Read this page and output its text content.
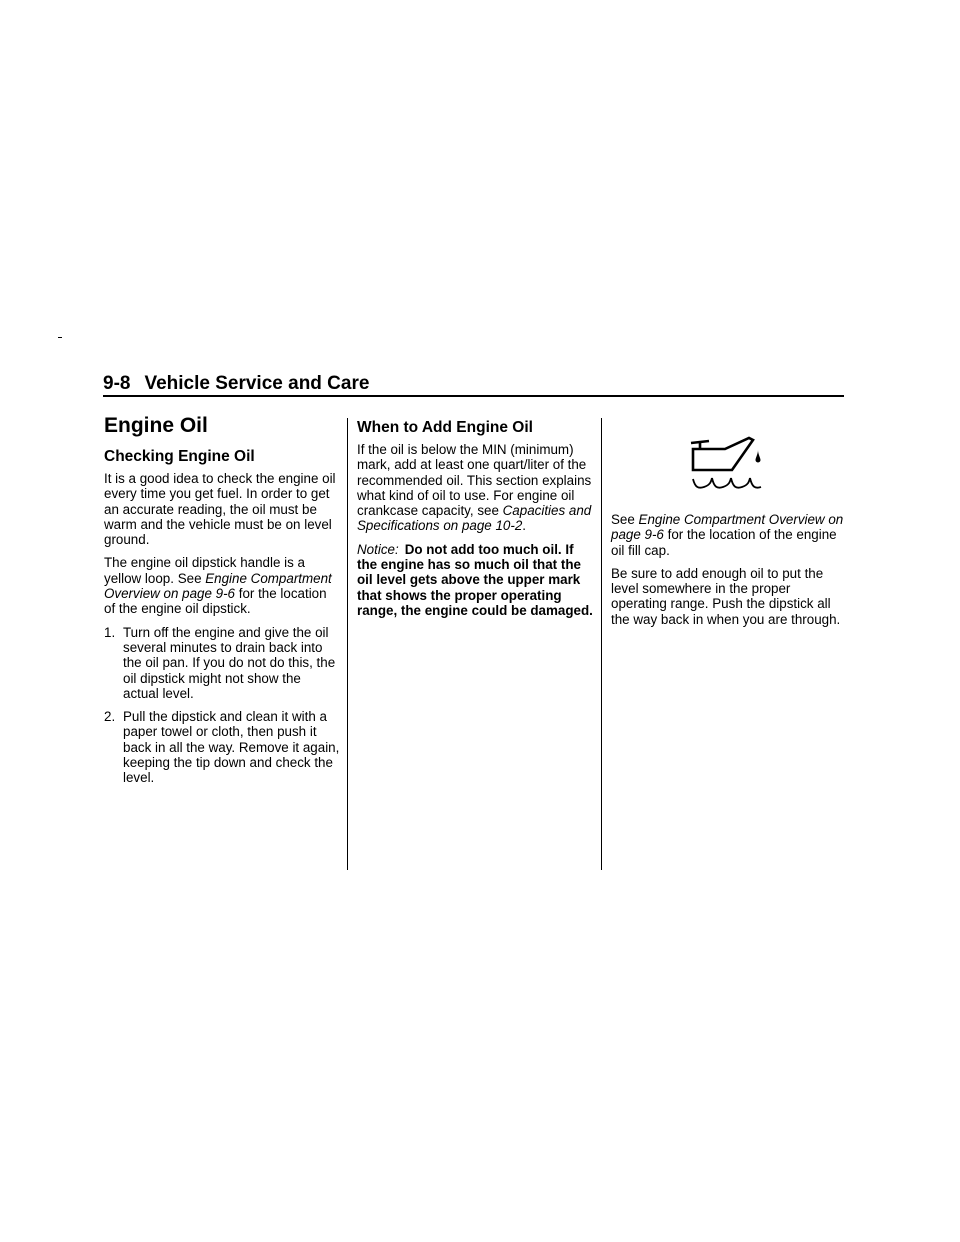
9-8 Vehicle Service and Care
Engine Oil
Checking Engine Oil

It is a good idea to check the engine oil every time you get fuel. In order to get an accurate reading, the oil must be warm and the vehicle must be on level ground.

The engine oil dipstick handle is a yellow loop. See Engine Compartment Overview on page 9-6 for the location of the engine oil dipstick.

1. Turn off the engine and give the oil several minutes to drain back into the oil pan. If you do not do this, the oil dipstick might not show the actual level.
2. Pull the dipstick and clean it with a paper towel or cloth, then push it back in all the way. Remove it again, keeping the tip down and check the level.
When to Add Engine Oil

If the oil is below the MIN (minimum) mark, add at least one quart/liter of the recommended oil. This section explains what kind of oil to use. For engine oil crankcase capacity, see Capacities and Specifications on page 10-2.

Notice: Do not add too much oil. If the engine has so much oil that the oil level gets above the upper mark that shows the proper operating range, the engine could be damaged.

See Engine Compartment Overview on page 9-6 for the location of the engine oil fill cap.

Be sure to add enough oil to put the level somewhere in the proper operating range. Push the dipstick all the way back in when you are through.
